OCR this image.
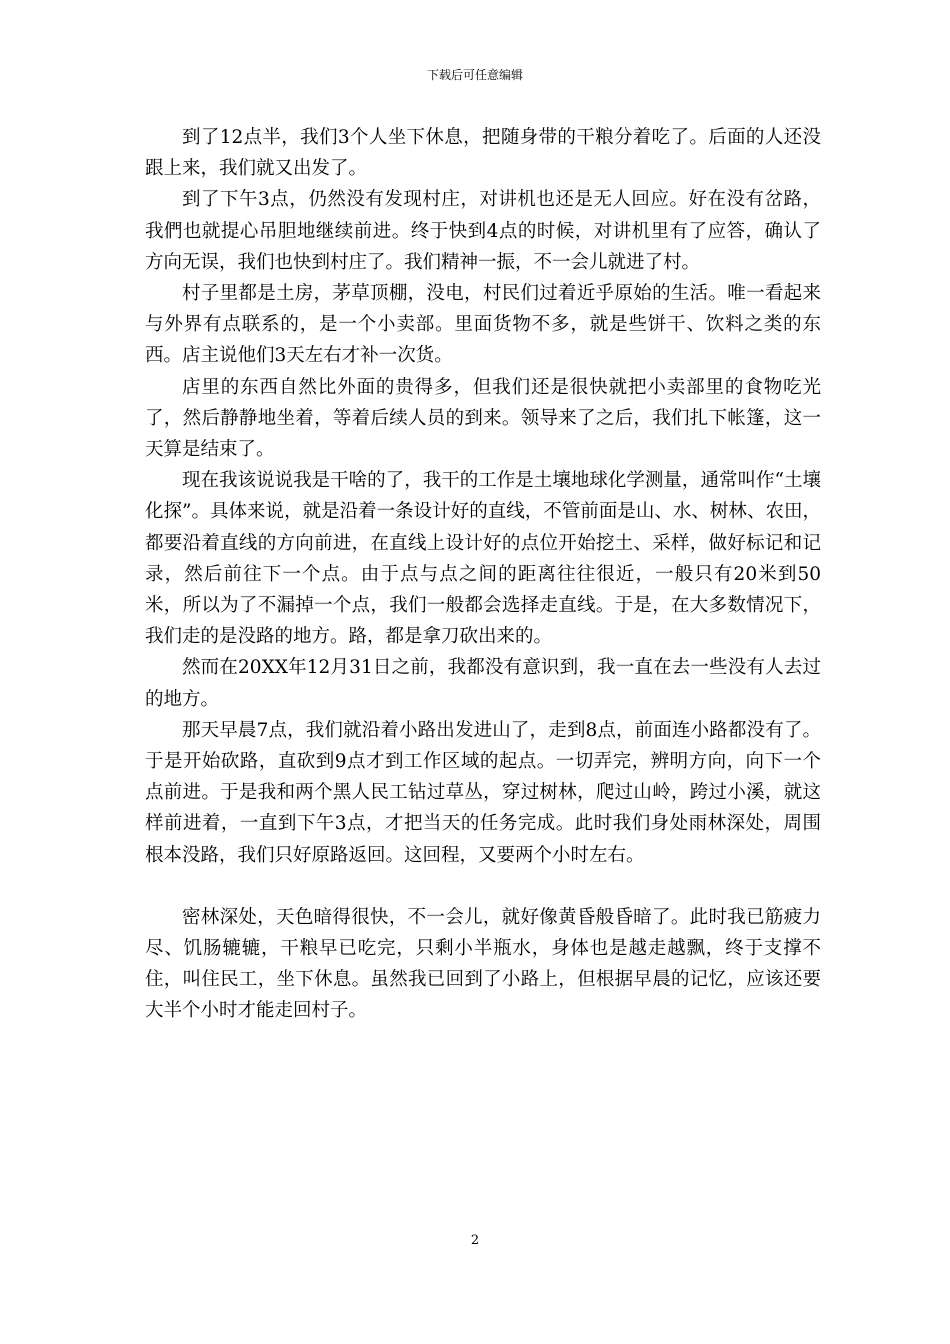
下载后可任意编辑

到了12点半，我们3个人坐下休息，把随身带的干粮分着吃了。后面的人还没跟上来，我们就又出发了。

到了下午3点，仍然没有发现村庄，对讲机也还是无人回应。好在没有岔路，我們也就提心吊胆地继续前进。终于快到4点的时候，对讲机里有了应答，确认了方向无误，我们也快到村庄了。我们精神一振，不一会儿就进了村。

村子里都是土房，茅草顶棚，没电，村民们过着近乎原始的生活。唯一看起来与外界有点联系的，是一个小卖部。里面货物不多，就是些饼干、饮料之类的东西。店主说他们3天左右才补一次货。

店里的东西自然比外面的贵得多，但我们还是很快就把小卖部里的食物吃光了，然后静静地坐着，等着后续人员的到来。领导来了之后，我们扎下帐篷，这一天算是结束了。

现在我该说说我是干啥的了，我干的工作是土壤地球化学测量，通常叫作“土壤化探”。具体来说，就是沿着一条设计好的直线，不管前面是山、水、树林、农田，都要沿着直线的方向前进，在直线上设计好的点位开始挖土、采样，做好标记和记录，然后前往下一个点。由于点与点之间的距离往往很近，一般只有20米到50米，所以为了不漏掉一个点，我们一般都会选择走直线。于是，在大多数情况下，我们走的是没路的地方。路，都是拿刀砍出来的。

然而在20XX年12月31日之前，我都没有意识到，我一直在去一些没有人去过的地方。

那天早晨7点，我们就沿着小路出发进山了，走到8点，前面连小路都没有了。于是开始砍路，直砍到9点才到工作区域的起点。一切弄完，辨明方向，向下一个点前进。于是我和两个黑人民工钻过草丛，穿过树林，爬过山岭，跨过小溪，就这样前进着，一直到下午3点，才把当天的任务完成。此时我们身处雨林深处，周围根本没路，我们只好原路返回。这回程，又要两个小时左右。

密林深处，天色暗得很快，不一会儿，就好像黄昏般昏暗了。此时我已筋疲力尽、饥肠辘辘，干粮早已吃完，只剩小半瓶水，身体也是越走越飘，终于支撑不住，叫住民工，坐下休息。虽然我已回到了小路上，但根据早晨的记忆，应该还要大半个小时才能走回村子。

2
